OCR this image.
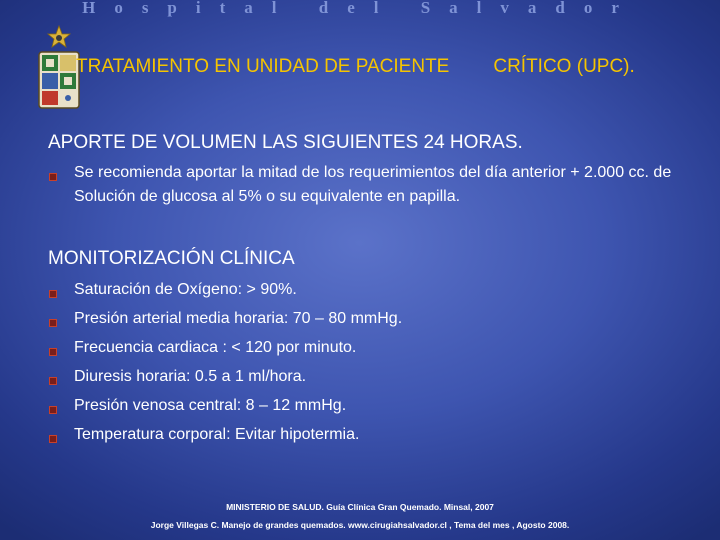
Hospital del Salvador
TRATAMIENTO EN UNIDAD DE PACIENTE CRÍTICO (UPC).
APORTE DE VOLUMEN LAS SIGUIENTES 24 HORAS.
Se recomienda aportar la mitad de los requerimientos del día anterior + 2.000 cc. de Solución de glucosa al 5% o su equivalente en papilla.
MONITORIZACIÓN CLÍNICA
Saturación de Oxígeno: > 90%.
Presión arterial media horaria: 70 – 80 mmHg.
Frecuencia cardiaca : < 120 por minuto.
Diuresis horaria: 0.5 a 1 ml/hora.
Presión venosa central: 8 – 12 mmHg.
Temperatura corporal: Evitar hipotermia.
MINISTERIO DE SALUD. Guía Clínica Gran Quemado. Minsal, 2007
Jorge Villegas C. Manejo de grandes quemados. www.cirugiahsalvador.cl , Tema del mes , Agosto 2008.
